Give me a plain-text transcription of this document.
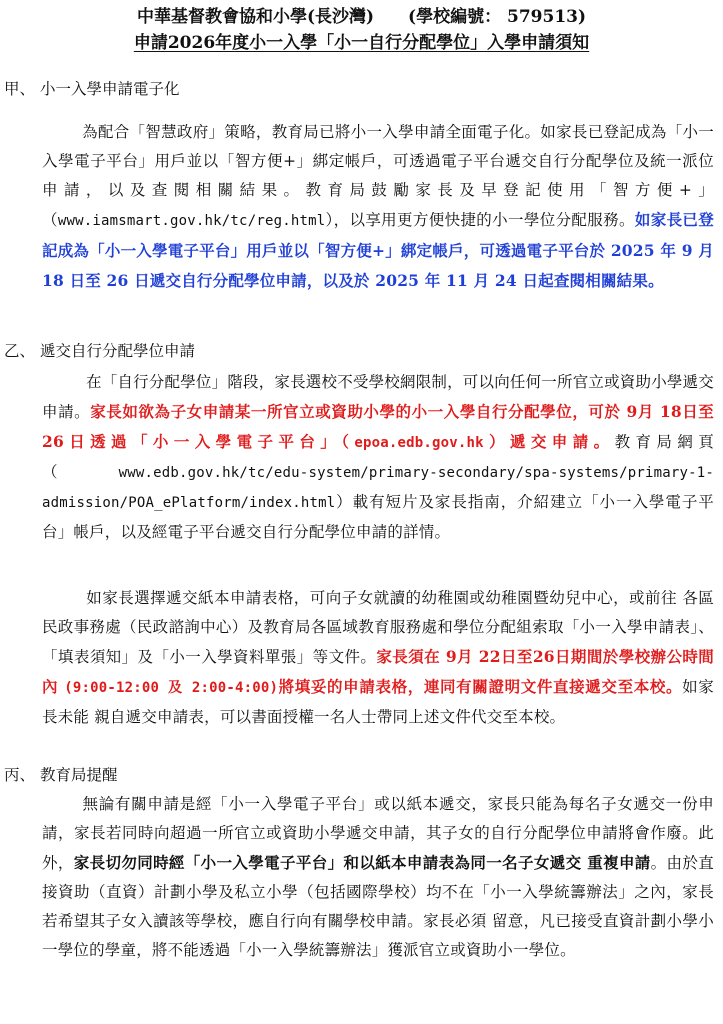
中華基督教會協和小學(長沙灣) (學校編號： 579513)
申請2026年度小一入學「小一自行分配學位」入學申請須知
甲、 小一入學申請電子化
為配合「智慧政府」策略，教育局已將小一入學申請全面電子化。如家長已登記成為「小一入學電子平台」用戶並以「智方便+」綁定帳戶，可透過電子平台遞交自行分配學位及統一派位申請，以及查閱相關結果。教育局鼓勵家長及早登記使用「智方便+」 （www.iamsmart.gov.hk/tc/reg.html），以享用更方便快捷的小一學位分配服務。如家長已登記成為「小一入學電子平台」用戶並以「智方便+」綁定帳戶，可透過電子平台於 2025 年 9 月 18 日至 26 日遞交自行分配學位申請，以及於 2025 年 11 月 24 日起查閱相關結果。
乙、 遞交自行分配學位申請
在「自行分配學位」階段，家長選校不受學校網限制，可以向任何一所官立或資助小學遞交申請。家長如欲為子女申請某一所官立或資助小學的小一入學自行分配學位，可於 9月 18日至26日透過「小一入學電子平台」（epoa.edb.gov.hk）遞交申請。教育局網頁 （www.edb.gov.hk/tc/edu-system/primary-secondary/spa-systems/primary-1-admission/POA_ePlatform/index.html）載有短片及家長指南，介紹建立「小一入學電子平台」帳戶，以及經電子平台遞交自行分配學位申請的詳情。
如家長選擇遞交紙本申請表格，可向子女就讀的幼稚園或幼稚園暨幼兒中心，或前往 各區民政事務處（民政諮詢中心）及教育局各區域教育服務處和學位分配組索取「小一入學申請表」、「填表須知」及「小一入學資料單張」等文件。家長須在 9月 22日至26日期間於學校辦公時間內 (9:00-12:00 及 2:00-4:00)將填妥的申請表格，連同有關證明文件直接遞交至本校。如家長未能 親自遞交申請表，可以書面授權一名人士帶同上述文件代交至本校。
丙、 教育局提醒
無論有關申請是經「小一入學電子平台」或以紙本遞交，家長只能為每名子女遞交一份申請，家長若同時向超過一所官立或資助小學遞交申請，其子女的自行分配學位申請將會作廢。此外，家長切勿同時經「小一入學電子平台」和以紙本申請表為同一名子女遞交 重複申請。由於直接資助（直資）計劃小學及私立小學（包括國際學校）均不在「小一入學統籌辦法」之內，家長若希望其子女入讀該等學校，應自行向有關學校申請。家長必須 留意，凡已接受直資計劃小學小一學位的學童，將不能透過「小一入學統籌辦法」獲派官立或資助小一學位。
